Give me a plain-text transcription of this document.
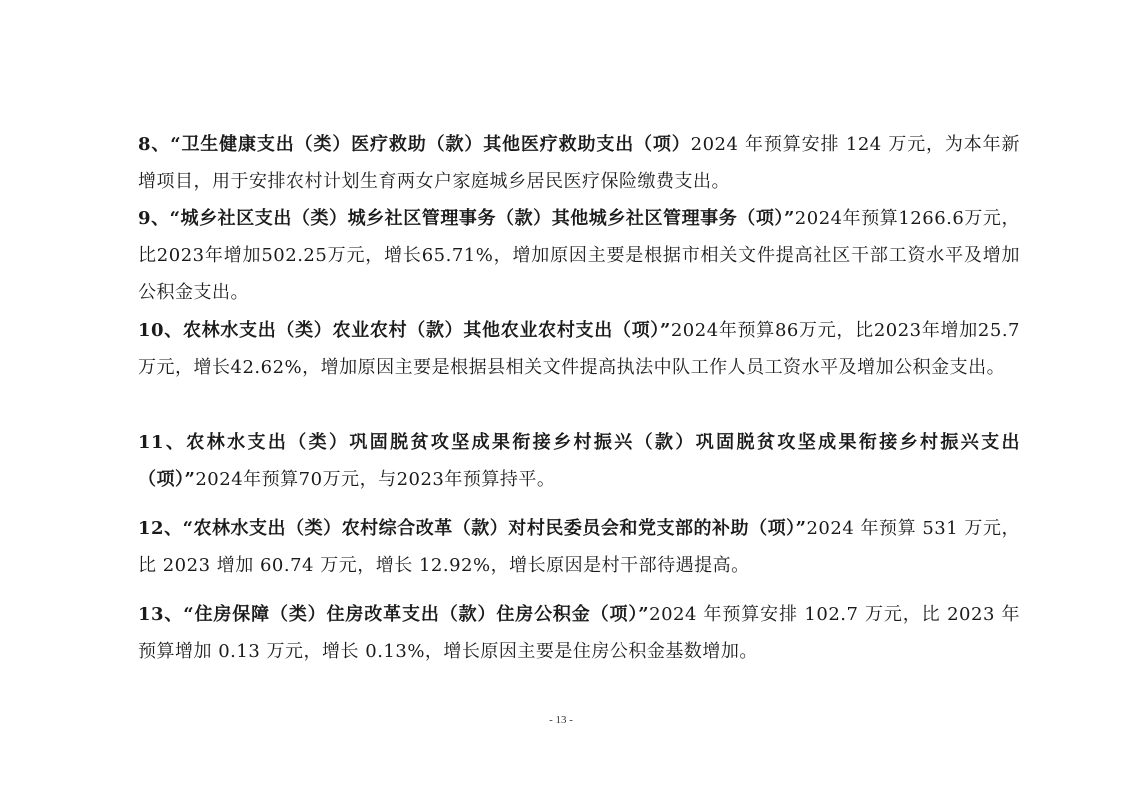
8、“卫生健康支出（类）医疗救助（款）其他医疗救助支出（项）2024 年预算安排 124 万元，为本年新增项目，用于安排农村计划生育两女户家庭城乡居民医疗保险缴费支出。

9、“城乡社区支出（类）城乡社区管理事务（款）其他城乡社区管理事务（项）”2024年预算1266.6万元，比2023年增加502.25万元，增长65.71%，增加原因主要是根据市相关文件提高社区干部工资水平及增加公积金支出。

10、农林水支出（类）农业农村（款）其他农业农村支出（项）”2024年预算86万元，比2023年增加25.7万元，增长42.62%，增加原因主要是根据县相关文件提高执法中队工作人员工资水平及增加公积金支出。

11、农林水支出（类）巩固脱贫攻坚成果衔接乡村振兴（款）巩固脱贫攻坚成果衔接乡村振兴支出（项）”2024年预算70万元，与2023年预算持平。

12、“农林水支出（类）农村综合改革（款）对村民委员会和党支部的补助（项）”2024 年预算 531 万元，比 2023 增加 60.74 万元，增长 12.92%，增长原因是村干部待遇提高。

13、“住房保障（类）住房改革支出（款）住房公积金（项）”2024 年预算安排 102.7 万元，比 2023 年预算增加 0.13 万元，增长 0.13%，增长原因主要是住房公积金基数增加。

- 13 -
